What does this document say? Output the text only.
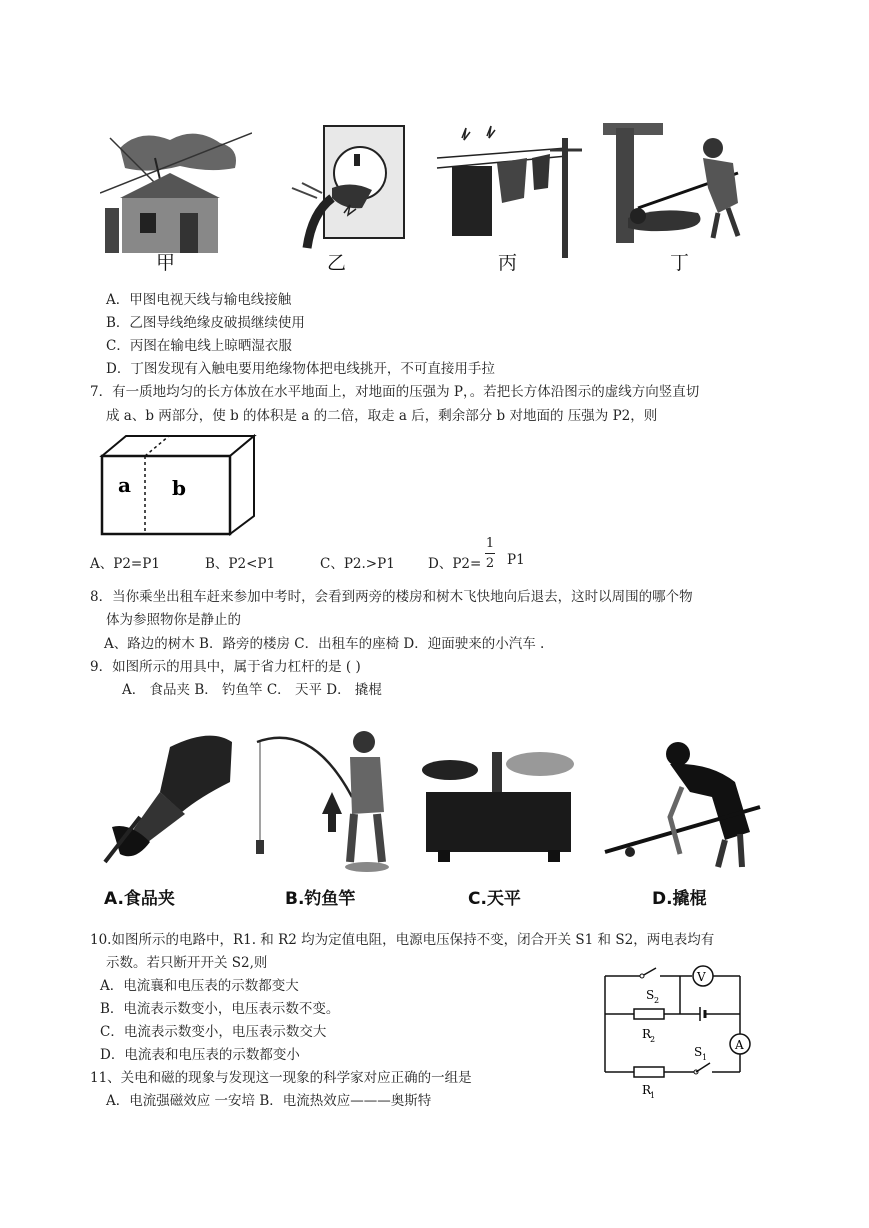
甲	乙	丙	丁
A．甲图电视天线与输电线接触
B．乙图导线绝缘皮破损继续使用
C．丙图在输电线上晾晒湿衣服
D．丁图发现有入触电要用绝缘物体把电线挑开，不可直接用手拉
7．有一质地均匀的长方体放在水平地面上，对地面的压强为 P，。若把长方体沿图示的虚线方向竖直切
成 a、b 两部分，使 b 的体积是 a 的二倍，取走 a 后，剩余部分 b 对地面的 压强为 P2，则
a b
A、P2=P1	B、P2<P1	C、P2.>P1 D、P2=
1
2 P1
8．当你乘坐出租车赶来参加中考时，会看到两旁的楼房和树木飞快地向后退去，这时以周围的哪个物
体为参照物你是静止的
A、路边的树木 B．路旁的楼房 C．出租车的座椅 D．迎面驶来的小汽车 .
9．如图所示的用具中，属于省力杠杆的是 ( )
A． 食品夹 B． 钓鱼竿 C． 天平 D． 撬棍
A.食品夹	B.钓鱼竿	C.天平	D.撬棍
10.如图所示的电路中，R1. 和 R2 均为定值电阻，电源电压保持不变，闭合开关 S1 和 S2，两电表均有
示数。若只断开开关 S2,则
A．电流襄和电压表的示数都变大
B．电流表示数变小，电压表示数不变。
C．电流表示数变小，电压表示数交大
D．电流表和电压表的示数都变小
V
S 2
R
2	A
S 1
R
1
11、关电和磁的现象与发现这一现象的科学家对应正确的一组是
A．电流强磁效应 一安培 B．电流热效应———奥斯特
